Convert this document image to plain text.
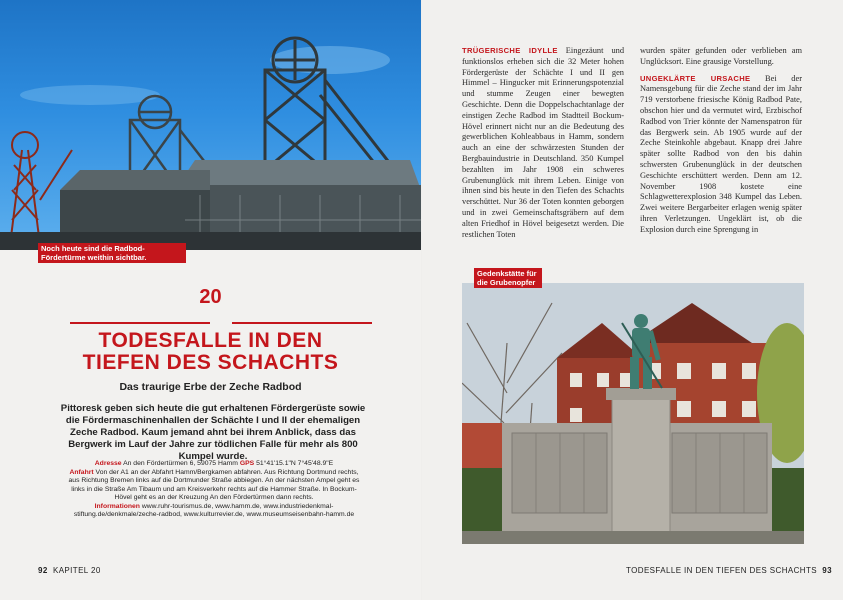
Noch heute sind die Radbod-Fördertürme weithin sichtbar.
20
TODESFALLE IN DEN
TIEFEN DES SCHACHTS
Das traurige Erbe der Zeche Radbod
Pittoresk geben sich heute die gut erhaltenen Fördergerüste sowie die Fördermaschinenhallen der Schächte I und II der ehemaligen Zeche Radbod. Kaum jemand ahnt bei ihrem Anblick, dass das Bergwerk im Lauf der Jahre zur tödlichen Falle für mehr als 800 Kumpel wurde.
Adresse An den Fördertürmen 6, 59075 Hamm GPS 51°41'15.1"N 7°45'48.9"E
Anfahrt Von der A1 an der Abfahrt Hamm/Bergkamen abfahren. Aus Richtung Dortmund rechts, aus Richtung Bremen links auf die Dortmunder Straße abbiegen. An der nächsten Ampel geht es links in die Straße Am Tibaum und am Kreisverkehr rechts auf die Hammer Straße. In Bockum-Hövel geht es an der Kreuzung An den Fördertürmen dann rechts.
Informationen www.ruhr-tourismus.de, www.hamm.de, www.industriedenkmal-stiftung.de/denkmale/zeche-radbod, www.kulturrevier.de, www.museumseisenbahn-hamm.de
92 KAPITEL 20

TRÜGERISCHE IDYLLE Eingezäunt und funktionslos erheben sich die 32 Meter hohen Fördergerüste der Schächte I und II gen Himmel – Hingucker mit Erinnerungspotenzial und stumme Zeugen einer bewegten Geschichte. Denn die Doppelschachtanlage der einstigen Zeche Radbod im Stadtteil Bockum-Hövel erinnert nicht nur an die Bedeutung des gewerblichen Kohleabbaus in Hamm, sondern auch an eine der schwärzesten Stunden der Bergbauindustrie in Deutschland. 350 Kumpel bezahlten im Jahr 1908 ein schweres Grubenunglück mit ihrem Leben. Einige von ihnen sind bis heute in den Tiefen des Schachts verschüttet. Nur 36 der Toten konnten geborgen und in zwei Gemeinschaftsgräbern auf dem alten Friedhof in Hövel beigesetzt werden. Die restlichen Toten

wurden später gefunden oder verblieben am Unglücksort. Eine grausige Vorstellung.

UNGEKLÄRTE URSACHE Bei der Namensgebung für die Zeche stand der im Jahr 719 verstorbene friesische König Radbod Pate, obschon hier und da vermutet wird, Erzbischof Radbod von Trier könnte der Namenspatron für das Bergwerk sein. Ab 1905 wurde auf der Zeche Steinkohle abgebaut. Knapp drei Jahre später sollte Radbod von den bis dahin schwersten Grubenunglück in der deutschen Geschichte erschüttert werden. Denn am 12. November 1908 kostete eine Schlagwetterexplosion 348 Kumpel das Leben. Zwei weitere Bergarbeiter erlagen wenig später ihren Verletzungen. Ungeklärt ist, ob die Explosion durch eine Sprengung in

Gedenkstätte für die Grubenopfer
TODESFALLE IN DEN TIEFEN DES SCHACHTS 93
